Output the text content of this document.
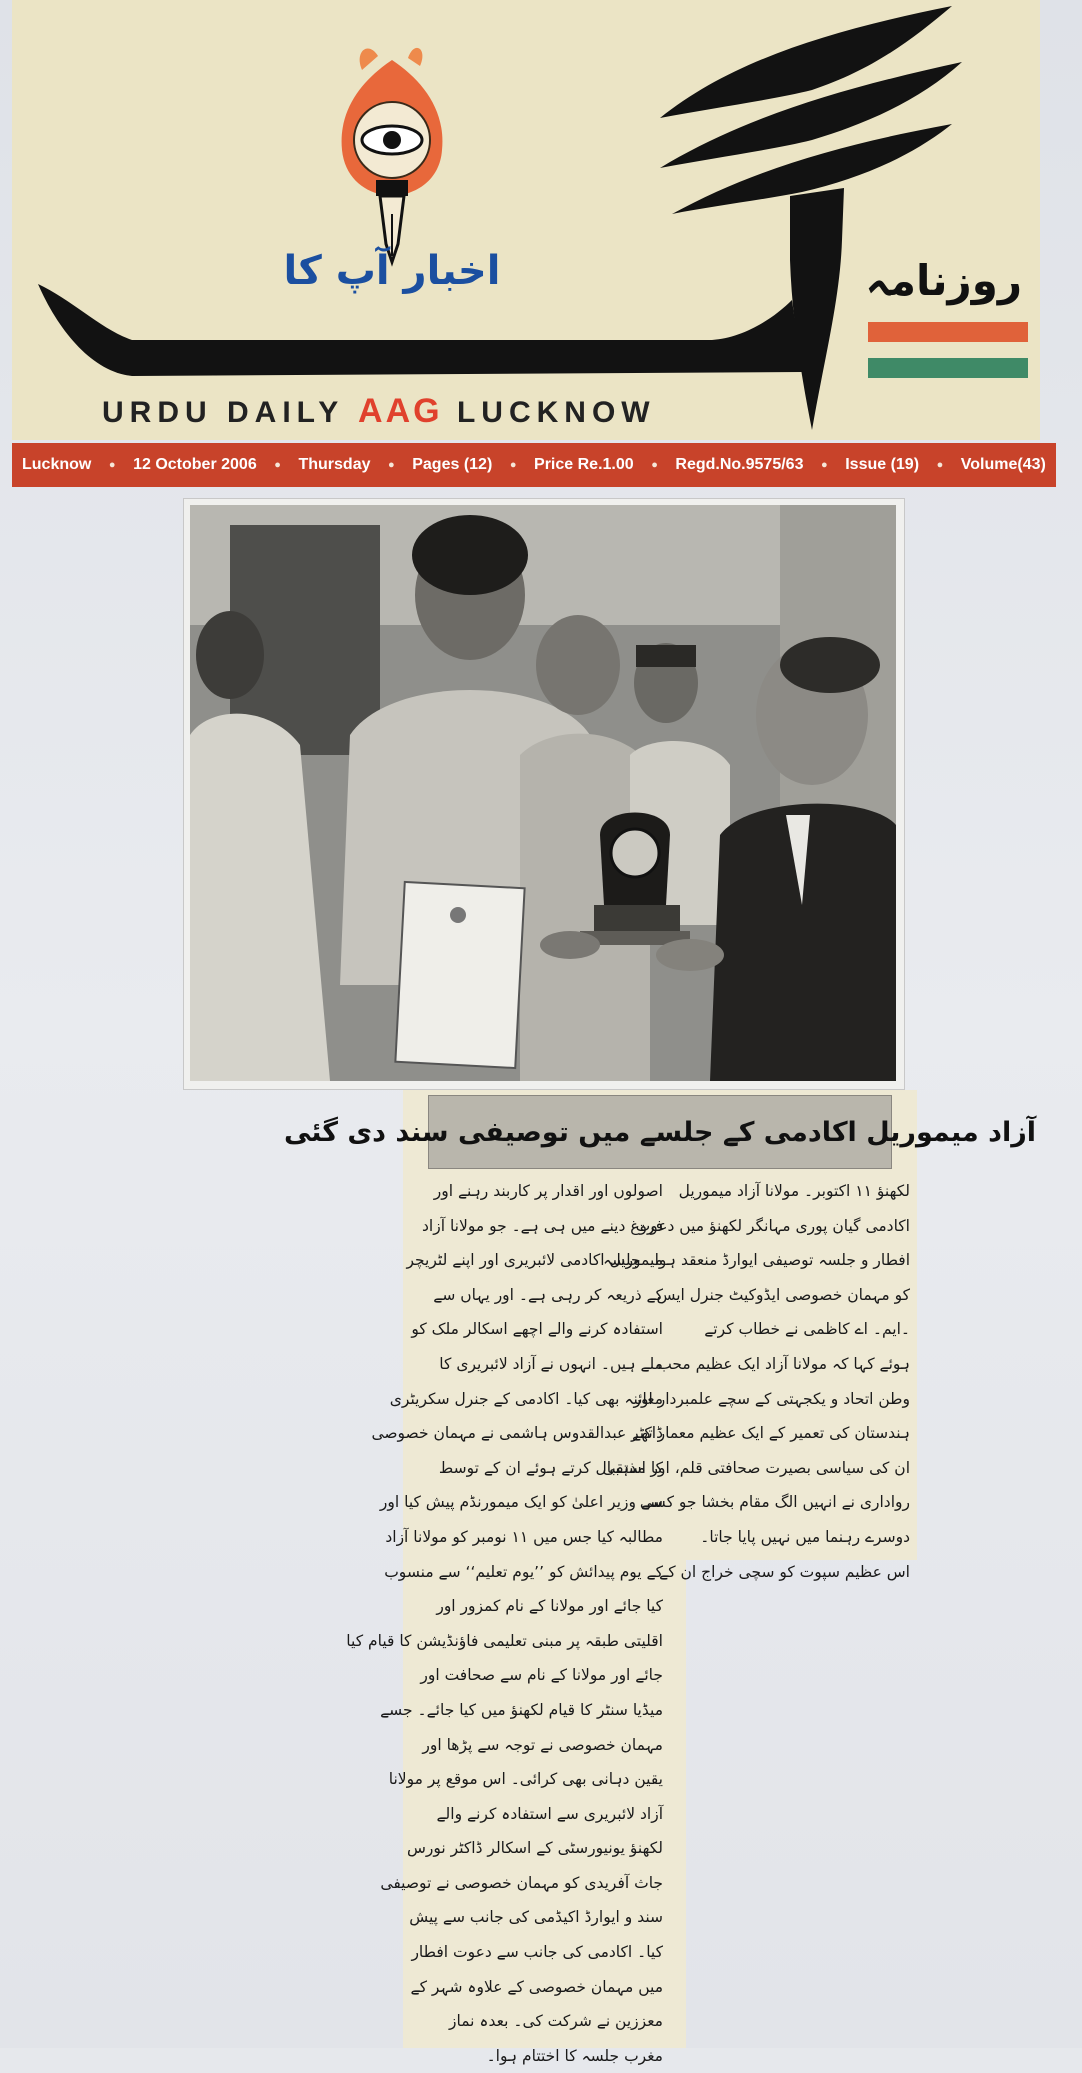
اخبار آپ کا	روزنامہ
URDU DAILY AAG LUCKNOW
Lucknow ● 12 October 2006 ● Thursday ● Pages (12) ● Price Re.1.00 ● Regd.No.9575/63 ● Issue (19) ● Volume(43)
آزاد میموریل اکادمی کے جلسے میں توصیفی سند دی گئی

لکھنؤ ۱۱ اکتوبر۔ مولانا آزاد میموریل

اکادمی گیان پوری مہانگر لکھنؤ میں دعوت

افطار و جلسہ توصیفی ایوارڈ منعقد ہوا۔ جلسہ

کو مہمان خصوصی ایڈوکیٹ جنرل ایس

۔ایم۔ اے کاظمی نے خطاب کرتے

ہوئے کہا کہ مولانا آزاد ایک عظیم محب

وطن اتحاد و یکجہتی کے سچے علمبردار اور

ہندستان کی تعمیر کے ایک عظیم معمار تھے

ان کی سیاسی بصیرت صحافتی قلم، اور مذہبی

رواداری نے انہیں الگ مقام بخشا جو کسی

دوسرے رہنما میں نہیں پایا جاتا۔

اس عظیم سپوت کو سچی خراج ان کے

اصولوں اور اقدار پر کاربند رہنے اور

فروغ دینے میں ہی ہے۔ جو مولانا آزاد

میموریل اکادمی لائبریری اور اپنے لٹریچر

کے ذریعہ کر رہی ہے۔ اور یہاں سے

استفادہ کرنے والے اچھے اسکالر ملک کو

ملے ہیں۔ انہوں نے آزاد لائبریری کا

معائنہ بھی کیا۔ اکادمی کے جنرل سکریٹری

ڈاکٹر عبدالقدوس ہاشمی نے مہمان خصوصی

کا استقبال کرتے ہوئے ان کے توسط

سے وزیر اعلیٰ کو ایک میمورنڈم پیش کیا اور

مطالبہ کیا جس میں ۱۱ نومبر کو مولانا آزاد

کے یوم پیدائش کو ’’یوم تعلیم‘‘ سے منسوب

کیا جائے اور مولانا کے نام کمزور اور

اقلیتی طبقہ پر مبنی تعلیمی فاؤنڈیشن کا قیام کیا

جائے اور مولانا کے نام سے صحافت اور

میڈیا سنٹر کا قیام لکھنؤ میں کیا جائے۔ جسے

مہمان خصوصی نے توجہ سے پڑھا اور

یقین دہانی بھی کرائی۔ اس موقع پر مولانا

آزاد لائبریری سے استفادہ کرنے والے

لکھنؤ یونیورسٹی کے اسکالر ڈاکٹر نورس

جاث آفریدی کو مہمان خصوصی نے توصیفی

سند و ایوارڈ اکیڈمی کی جانب سے پیش

کیا۔ اکادمی کی جانب سے دعوت افطار

میں مہمان خصوصی کے علاوہ شہر کے

معززین نے شرکت کی۔ بعدہ نماز

مغرب جلسہ کا اختتام ہوا۔
